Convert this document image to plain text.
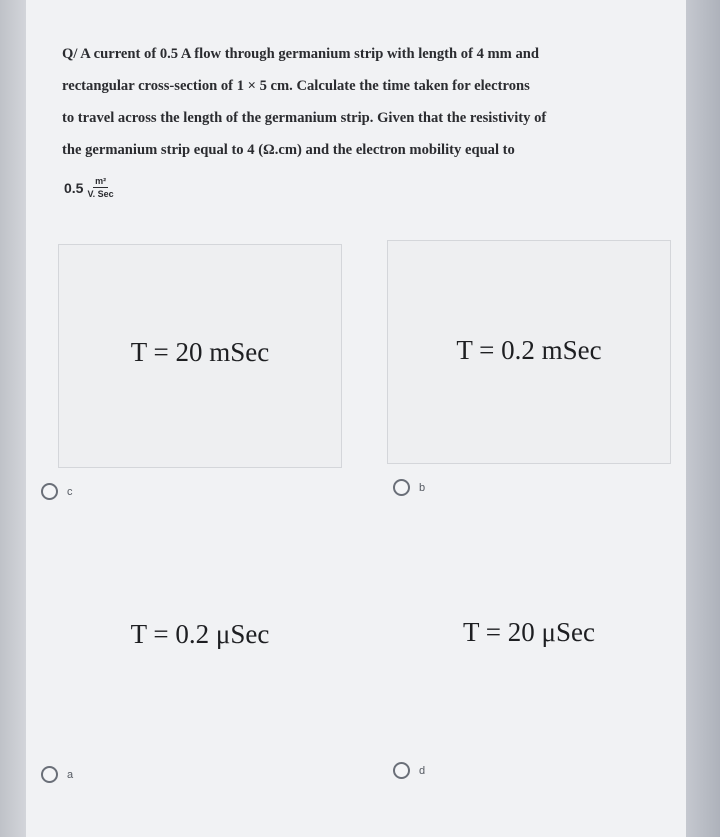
Q/ A current of 0.5 A flow through germanium strip with length of 4 mm and
rectangular cross-section of 1 × 5 cm. Calculate the time taken for electrons
to travel across the length of the germanium strip. Given that the resistivity of
the germanium strip equal to 4 (Ω.cm) and the electron mobility equal to
$0.5 \frac{\text{m²}}{\text{V. Sec}}$
T = 20 mSec
c
T = 0.2 mSec
b
T = 0.2 μSec
a
T = 20 μSec
d
